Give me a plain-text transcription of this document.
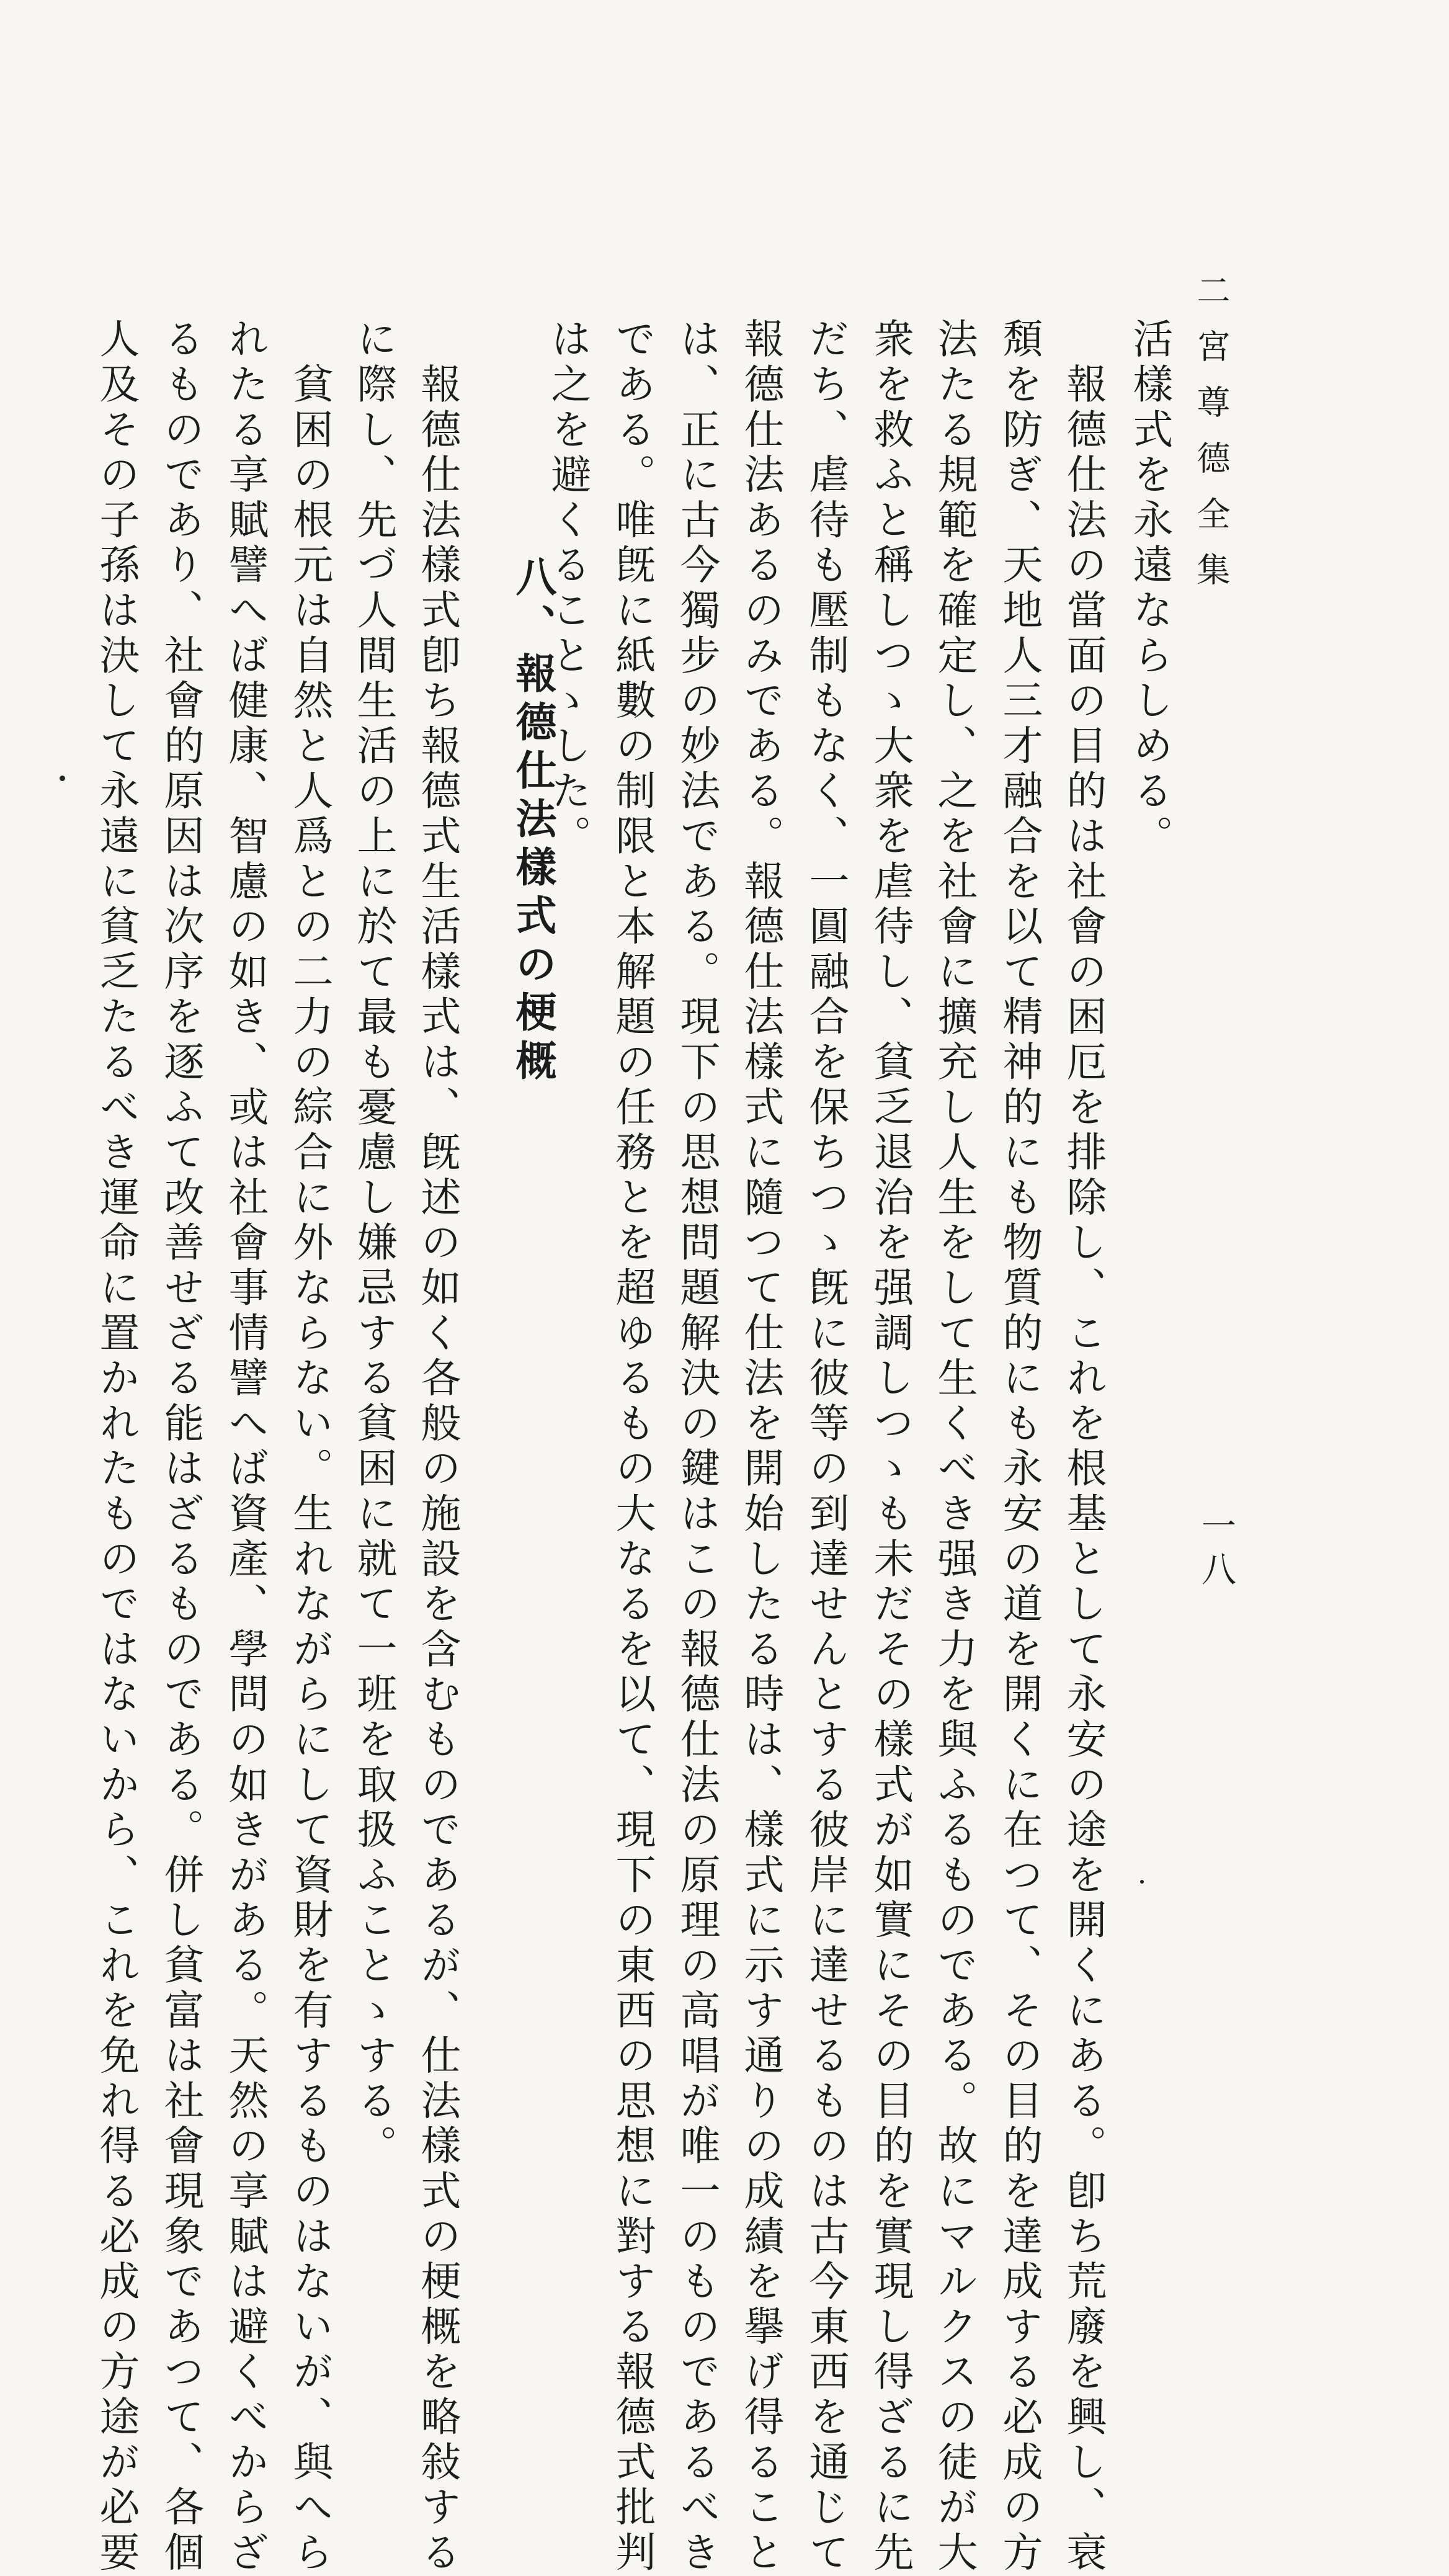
二宮尊德全集
一八
活樣式を永遠ならしめる。
　報德仕法の當面の目的は社會の困厄を排除し、これを根基として永安の途を開くにある。卽ち荒廢を興し、衰
頽を防ぎ、天地人三才融合を以て精神的にも物質的にも永安の道を開くに在つて、その目的を達成する必成の方
法たる規範を確定し、之を社會に擴充し人生をして生くべき强き力を與ふるものである。故にマルクスの徒が大
衆を救ふと稱しつゝ大衆を虐待し、貧乏退治を强調しつゝも未だその樣式が如實にその目的を實現し得ざるに先
だち、虐待も壓制もなく、一圓融合を保ちつゝ旣に彼等の到達せんとする彼岸に達せるものは古今東西を通じて
報德仕法あるのみである。報德仕法樣式に隨つて仕法を開始したる時は、樣式に示す通りの成績を擧げ得ること
は、正に古今獨步の妙法である。現下の思想問題解決の鍵はこの報德仕法の原理の高唱が唯一のものであるべき
である。唯旣に紙數の制限と本解題の任務とを超ゆるもの大なるを以て、現下の東西の思想に對する報德式批判
は之を避くることゝした。
八、報德仕法樣式の梗概
　報德仕法樣式卽ち報德式生活樣式は、旣述の如く各般の施設を含むものであるが、仕法樣式の梗概を略敍する
に際し、先づ人間生活の上に於て最も憂慮し嫌忌する貧困に就て一班を取扱ふことゝする。
　貧困の根元は自然と人爲との二力の綜合に外ならない。生れながらにして資財を有するものはないが、與へら
れたる享賦譬へば健康、智慮の如き、或は社會事情譬へば資產、學問の如きがある。天然の享賦は避くべからざ
るものであり、社會的原因は次序を逐ふて改善せざる能はざるものである。併し貧富は社會現象であつて、各個
人及その子孫は決して永遠に貧乏たるべき運命に置かれたものではないから、これを免れ得る必成の方途が必要
